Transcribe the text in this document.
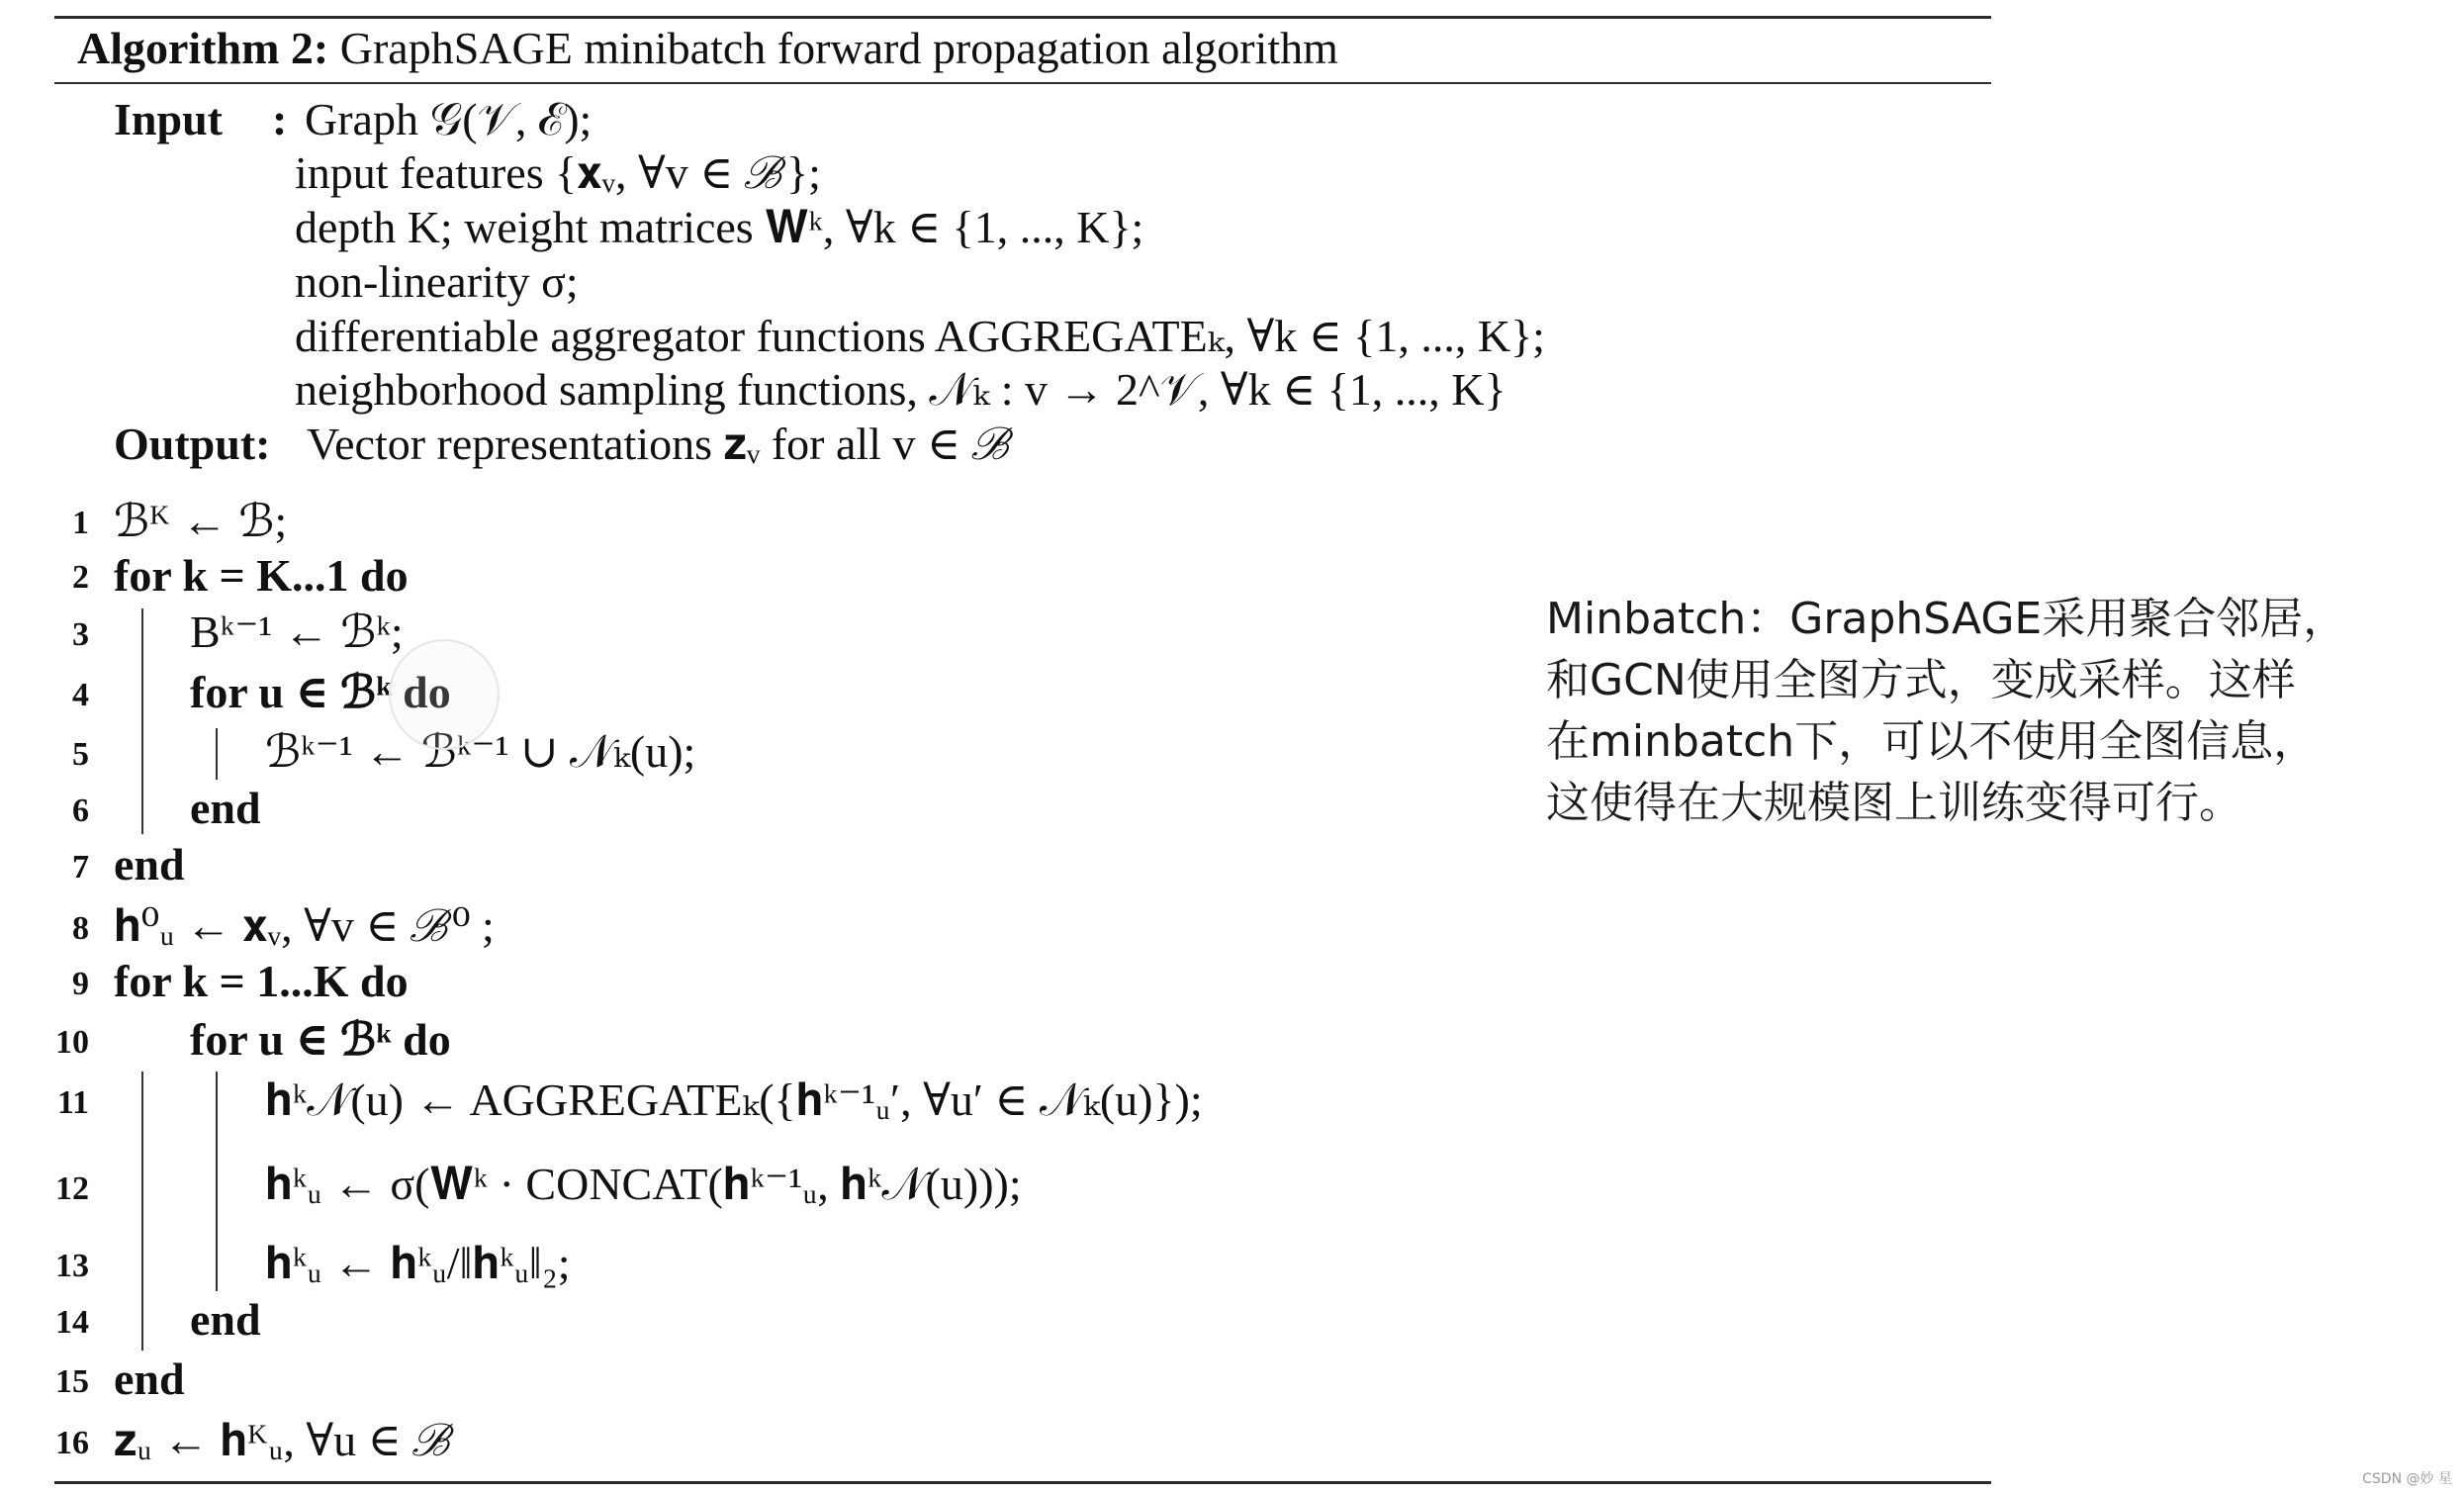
Algorithm 2: GraphSAGE minibatch forward propagation algorithm
Input : Graph 𝒢(𝒱, ℰ);
input features {𝐱ᵥ, ∀v ∈ ℬ};
depth K; weight matrices 𝐖ᵏ, ∀k ∈ {1, ..., K};
non-linearity σ;
differentiable aggregator functions AGGREGATEₖ, ∀k ∈ {1, ..., K};
neighborhood sampling functions, 𝒩ₖ : v → 2^𝒱, ∀k ∈ {1, ..., K}
Output: Vector representations 𝐳ᵥ for all v ∈ ℬ
1
2
3
4
5
6
7
8
9
10
11
12
13
14
15
16
ℬᴷ ← ℬ;
for k = K...1 do
Bᵏ⁻¹ ← ℬᵏ;
for u ∈ ℬᵏ do
ℬᵏ⁻¹ ← ℬᵏ⁻¹ ∪ 𝒩ₖ(u);
end
end
𝐡⁰ᵤ ← 𝐱ᵥ, ∀v ∈ ℬ⁰ ;
for k = 1...K do
for u ∈ ℬᵏ do
𝐡ᵏ𝒩(u) ← AGGREGATEₖ({𝐡ᵏ⁻¹ᵤ′, ∀u′ ∈ 𝒩ₖ(u)});
𝐡ᵏᵤ ← σ(𝐖ᵏ · CONCAT(𝐡ᵏ⁻¹ᵤ, 𝐡ᵏ𝒩(u)));
𝐡ᵏᵤ ← 𝐡ᵏᵤ/‖𝐡ᵏᵤ‖₂;
end
end
𝐳ᵤ ← 𝐡ᴷᵤ, ∀u ∈ ℬ
Minbatch：GraphSAGE采用聚合邻居，
和GCN使用全图方式，变成采样。这样
在minbatch下，可以不使用全图信息，
这使得在大规模图上训练变得可行。
CSDN @妙 星
